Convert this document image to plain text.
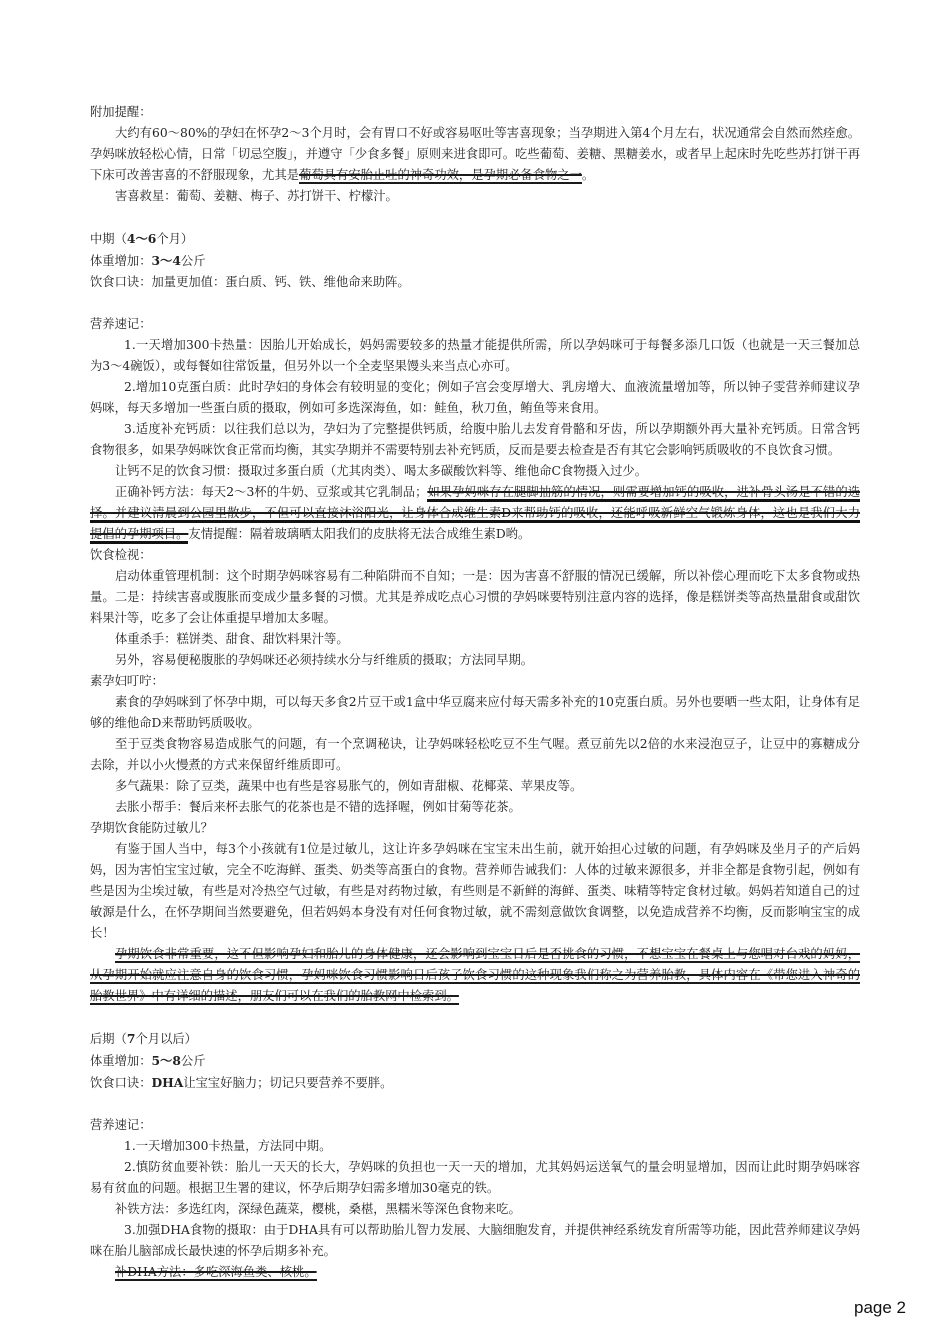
附加提醒：

大约有60～80%的孕妇在怀孕2～3个月时，会有胃口不好或容易呕吐等害喜现象；当孕期进入第4个月左右，状况通常会自然而然痊愈。孕妈咪放轻松心情，日常「切忌空腹」，并遵守「少食多餐」原则来进食即可。吃些葡萄、姜糖、黑糖姜水，或者早上起床时先吃些苏打饼干再下床可改善害喜的不舒服现象，尤其是葡萄具有安胎止吐的神奇功效，是孕期必备食物之一。

害喜救星：葡萄、姜糖、梅子、苏打饼干、柠檬汁。

中期（4～6个月）

体重增加：3～4公斤

饮食口诀：加量更加值：蛋白质、钙、铁、维他命来助阵。

营养速记：

1.一天增加300卡热量：因胎儿开始成长，妈妈需要较多的热量才能提供所需，所以孕妈咪可于每餐多添几口饭（也就是一天三餐加总为3～4碗饭），或每餐如往常饭量，但另外以一个全麦坚果馒头来当点心亦可。

2.增加10克蛋白质：此时孕妇的身体会有较明显的变化；例如子宫会变厚增大、乳房增大、血液流量增加等，所以钟子雯营养师建议孕妈咪，每天多增加一些蛋白质的摄取，例如可多选深海鱼，如：鲑鱼，秋刀鱼，鲔鱼等来食用。

3.适度补充钙质：以往我们总以为，孕妇为了完整提供钙质，给腹中胎儿去发育骨骼和牙齿，所以孕期额外再大量补充钙质。日常含钙食物很多，如果孕妈咪饮食正常而均衡，其实孕期并不需要特别去补充钙质，反而是要去检查是否有其它会影响钙质吸收的不良饮食习惯。

让钙不足的饮食习惯：摄取过多蛋白质（尤其肉类）、喝太多碳酸饮料等、维他命C食物摄入过少。

正确补钙方法：每天2～3杯的牛奶、豆浆或其它乳制品；如果孕妈咪存在腿脚抽筋的情况，则需要增加钙的吸收，进补骨头汤是不错的选择。并建议清晨到公园里散步，不但可以直接沐浴阳光，让身体合成维生素D来帮助钙的吸收，还能呼吸新鲜空气锻炼身体，这也是我们大力提倡的孕期项目。友情提醒：隔着玻璃晒太阳我们的皮肤将无法合成维生素D哟。

饮食检视：

启动体重管理机制：这个时期孕妈咪容易有二种陷阱而不自知；一是：因为害喜不舒服的情况已缓解，所以补偿心理而吃下太多食物或热量。二是：持续害喜或腹胀而变成少量多餐的习惯。尤其是养成吃点心习惯的孕妈咪要特别注意内容的选择，像是糕饼类等高热量甜食或甜饮料果汁等，吃多了会让体重提早增加太多喔。

体重杀手：糕饼类、甜食、甜饮料果汁等。

另外，容易便秘腹胀的孕妈咪还必须持续水分与纤维质的摄取；方法同早期。

素孕妇叮咛：

素食的孕妈咪到了怀孕中期，可以每天多食2片豆干或1盒中华豆腐来应付每天需多补充的10克蛋白质。另外也要晒一些太阳，让身体有足够的维他命D来帮助钙质吸收。

至于豆类食物容易造成胀气的问题，有一个烹调秘诀，让孕妈咪轻松吃豆不生气喔。煮豆前先以2倍的水来浸泡豆子，让豆中的寡糖成分去除，并以小火慢煮的方式来保留纤维质即可。

多气蔬果：除了豆类，蔬果中也有些是容易胀气的，例如青甜椒、花椰菜、苹果皮等。

去胀小帮手：餐后来杯去胀气的花茶也是不错的选择喔，例如甘菊等花茶。

孕期饮食能防过敏儿？

有鉴于国人当中，每3个小孩就有1位是过敏儿，这让许多孕妈咪在宝宝未出生前，就开始担心过敏的问题，有孕妈咪及坐月子的产后妈妈，因为害怕宝宝过敏，完全不吃海鲜、蛋类、奶类等高蛋白的食物。营养师告诫我们：人体的过敏来源很多，并非全都是食物引起，例如有些是因为尘埃过敏，有些是对冷热空气过敏，有些是对药物过敏，有些则是不新鲜的海鲜、蛋类、味精等特定食材过敏。妈妈若知道自己的过敏源是什么，在怀孕期间当然要避免，但若妈妈本身没有对任何食物过敏，就不需刻意做饮食调整，以免造成营养不均衡，反而影响宝宝的成长！

孕期饮食非常重要，这不但影响孕妇和胎儿的身体健康，还会影响到宝宝日后是否挑食的习惯，不想宝宝在餐桌上与您唱对台戏的妈妈，从孕期开始就应注意自身的饮食习惯，孕妈咪饮食习惯影响日后孩子饮食习惯的这种现象我们称之为营养胎教，具体内容在《带您进入神奇的胎教世界》中有详细的描述，朋友们可以在我们的胎教网中检索到。

后期（7个月以后）

体重增加：5～8公斤

饮食口诀：DHA让宝宝好脑力；切记只要营养不要胖。

营养速记：

1.一天增加300卡热量，方法同中期。

2.慎防贫血要补铁：胎儿一天天的长大，孕妈咪的负担也一天一天的增加，尤其妈妈运送氧气的量会明显增加，因而让此时期孕妈咪容易有贫血的问题。根据卫生署的建议，怀孕后期孕妇需多增加30毫克的铁。

补铁方法：多选红肉，深绿色蔬菜，樱桃，桑椹，黑糯米等深色食物来吃。

3.加强DHA食物的摄取：由于DHA具有可以帮助胎儿智力发展、大脑细胞发育，并提供神经系统发育所需等功能，因此营养师建议孕妈咪在胎儿脑部成长最快速的怀孕后期多补充。

补DHA方法：多吃深海鱼类、核桃。

page 2
